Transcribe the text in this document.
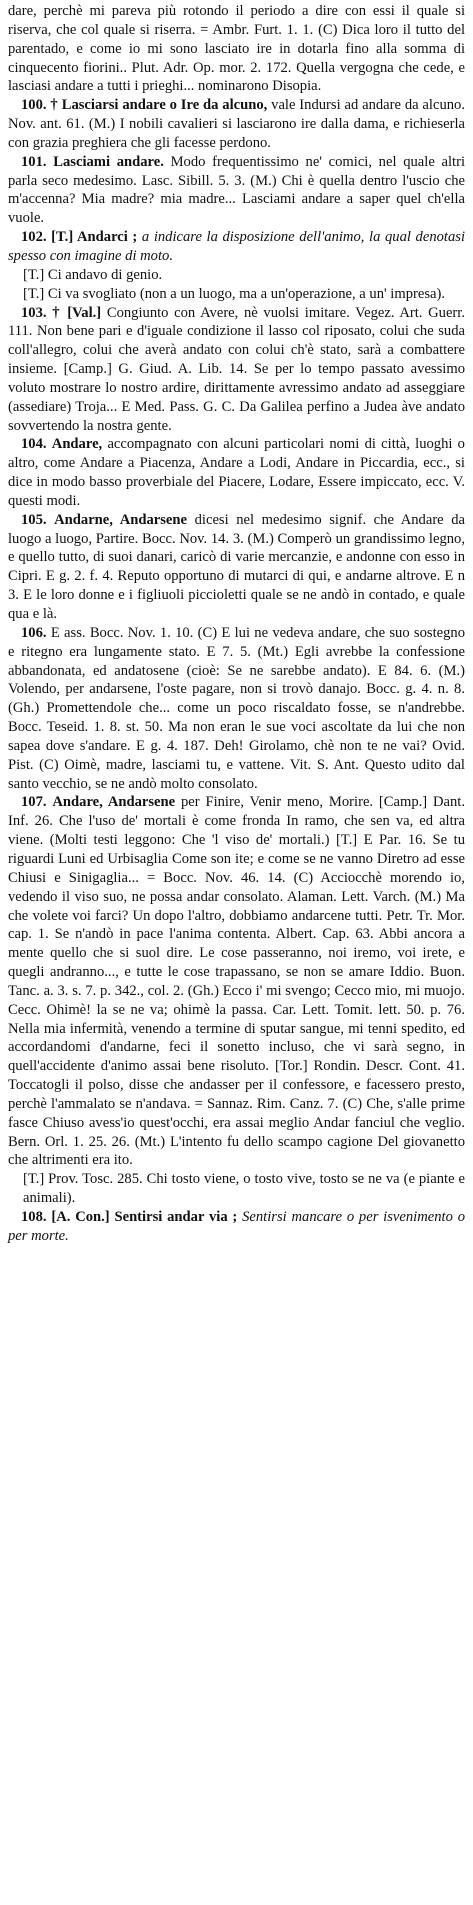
dare, perchè mi pareva più rotondo il periodo a dire con essi il quale si riserva, che col quale si riserra. = Ambr. Furt. 1. 1. (C) Dica loro il tutto del parentado, e come io mi sono lasciato ire in dotarla fino alla somma di cinquecento fiorini.. Plut. Adr. Op. mor. 2. 172. Quella vergogna che cede, e lasciasi andare a tutti i prieghi... nominarono Disopia.

100. † Lasciarsi andare o Ire da alcuno, vale Indursi ad andare da alcuno. Nov. ant. 61. (M.) I nobili cavalieri si lasciarono ire dalla dama, e richieserla con grazia preghiera che gli facesse perdono.

101. Lasciami andare. Modo frequentissimo ne' comici, nel quale altri parla seco medesimo. Lasc. Sibill. 5. 3. (M.) Chi è quella dentro l'uscio che m'accenna? Mia madre? mia madre... Lasciami andare a saper quel ch'ella vuole.

102. [T.] Andarci ; a indicare la disposizione dell'animo, la qual denotasi spesso con imagine di moto.

[T.] Ci andavo di genio.

[T.] Ci va svogliato (non a un luogo, ma a un'operazione, a un' impresa).

103. † [Val.] Congiunto con Avere, nè vuolsi imitare. Vegez. Art. Guerr. 111. Non bene pari e d'iguale condizione il lasso col riposato, colui che suda coll'allegro, colui che averà andato con colui ch'è stato, sarà a combattere insieme. [Camp.] G. Giud. A. Lib. 14. Se per lo tempo passato avessimo voluto mostrare lo nostro ardire, dirittamente avressimo andato ad asseggiare (assediare) Troja... E Med. Pass. G. C. Da Galilea perfino a Judea àve andato sovvertendo la nostra gente.

104. Andare, accompagnato con alcuni particolari nomi di città, luoghi o altro, come Andare a Piacenza, Andare a Lodi, Andare in Piccardia, ecc., si dice in modo basso proverbiale del Piacere, Lodare, Essere impiccato, ecc. V. questi modi.

105. Andarne, Andarsene dicesi nel medesimo signif. che Andare da luogo a luogo, Partire. Bocc. Nov. 14. 3. (M.) Comperò un grandissimo legno, e quello tutto, di suoi danari, caricò di varie mercanzie, e andonne con esso in Cipri. E g. 2. f. 4. Reputo opportuno di mutarci di qui, e andarne altrove. E n 3. E le loro donne e i figliuoli piccioletti quale se ne andò in contado, e quale qua e là.

106. E ass. Bocc. Nov. 1. 10. (C) E lui ne vedeva andare, che suo sostegno e ritegno era lungamente stato. E 7. 5. (Mt.) Egli avrebbe la confessione abbandonata, ed andatosene (cioè: Se ne sarebbe andato). E 84. 6. (M.) Volendo, per andarsene, l'oste pagare, non si trovò danajo. Bocc. g. 4. n. 8. (Gh.) Promettendole che... come un poco riscaldato fosse, se n'andrebbe. Bocc. Teseid. 1. 8. st. 50. Ma non eran le sue voci ascoltate da lui che non sapea dove s'andare. E g. 4. 187. Deh! Girolamo, chè non te ne vai? Ovid. Pist. (C) Oimè, madre, lasciami tu, e vattene. Vit. S. Ant. Questo udito dal santo vecchio, se ne andò molto consolato.

107. Andare, Andarsene per Finire, Venir meno, Morire. [Camp.] Dant. Inf. 26. Che l'uso de' mortali è come fronda In ramo, che sen va, ed altra viene. (Molti testi leggono: Che 'l viso de' mortali.) [T.] E Par. 16. Se tu riguardi Luni ed Urbisaglia Come son ite; e come se ne vanno Diretro ad esse Chiusi e Sinigaglia... = Bocc. Nov. 46. 14. (C) Acciocchè morendo io, vedendo il viso suo, ne possa andar consolato. Alaman. Lett. Varch. (M.) Ma che volete voi farci? Un dopo l'altro, dobbiamo andarcene tutti. Petr. Tr. Mor. cap. 1. Se n'andò in pace l'anima contenta. Albert. Cap. 63. Abbi ancora a mente quello che si suol dire. Le cose passeranno, noi iremo, voi irete, e quegli andranno..., e tutte le cose trapassano, se non se amare Iddio. Buon. Tanc. a. 3. s. 7. p. 342., col. 2. (Gh.) Ecco i' mi svengo; Cecco mio, mi muojo. Cecc. Ohimè! la se ne va; ohimè la passa. Car. Lett. Tomit. lett. 50. p. 76. Nella mia infermità, venendo a termine di sputar sangue, mi tenni spedito, ed accordandomi d'andarne, feci il sonetto incluso, che vi sarà segno, in quell'accidente d'animo assai bene risoluto. [Tor.] Rondin. Descr. Cont. 41. Toccatogli il polso, disse che andasser per il confessore, e facessero presto, perchè l'ammalato se n'andava. = Sannaz. Rim. Canz. 7. (C) Che, s'alle prime fasce Chiuso avess'io quest'occhi, era assai meglio Andar fanciul che veglio. Bern. Orl. 1. 25. 26. (Mt.) L'intento fu dello scampo cagione Del giovanetto che altrimenti era ito.

[T.] Prov. Tosc. 285. Chi tosto viene, o tosto vive, tosto se ne va (e piante e animali).

108. [A. Con.] Sentirsi andar via ; Sentirsi mancare o per isvenimento o per morte.
